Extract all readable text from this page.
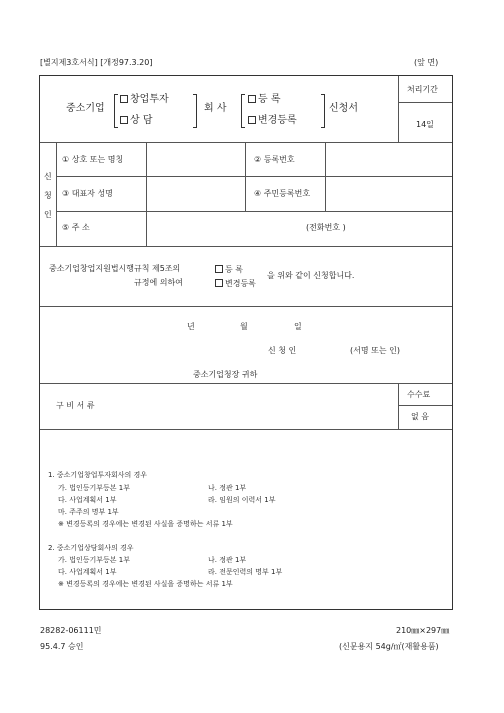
[별지제3호서식] [개정97.3.20]	(앞 면)
처리기간
14일
중소기업
창업투자
상 담
회 사
등 록
변경등록
신청서
신
청
인
① 상호 또는 명칭	② 등록번호
③ 대표자 성명	④ 주민등록번호
⑤ 주 소	(전화번호 )
중소기업창업지원법시행규칙 제5조의	등 록
규정에 의하여	변경등록
을 위와 같이 신청합니다.
년	월	일
신 청 인	(서명 또는 인)
중소기업청장 귀하
수수료
없 음
구 비 서 류
1. 중소기업창업투자회사의 경우
가. 법인등기부등본 1부	나. 정관 1부
다. 사업계획서 1부	라. 임원의 이력서 1부
마. 주주의 명부 1부
※ 변경등록의 경우에는 변경된 사실을 증명하는 서류 1부
2. 중소기업상담회사의 경우
가. 법인등기부등본 1부	나. 정관 1부
다. 사업계획서 1부	라. 전문인력의 명부 1부
※ 변경등록의 경우에는 변경된 사실을 증명하는 서류 1부
28282-06111민	210㎜×297㎜
95.4.7 승인	(신문용지 54g/㎡(재활용품)
